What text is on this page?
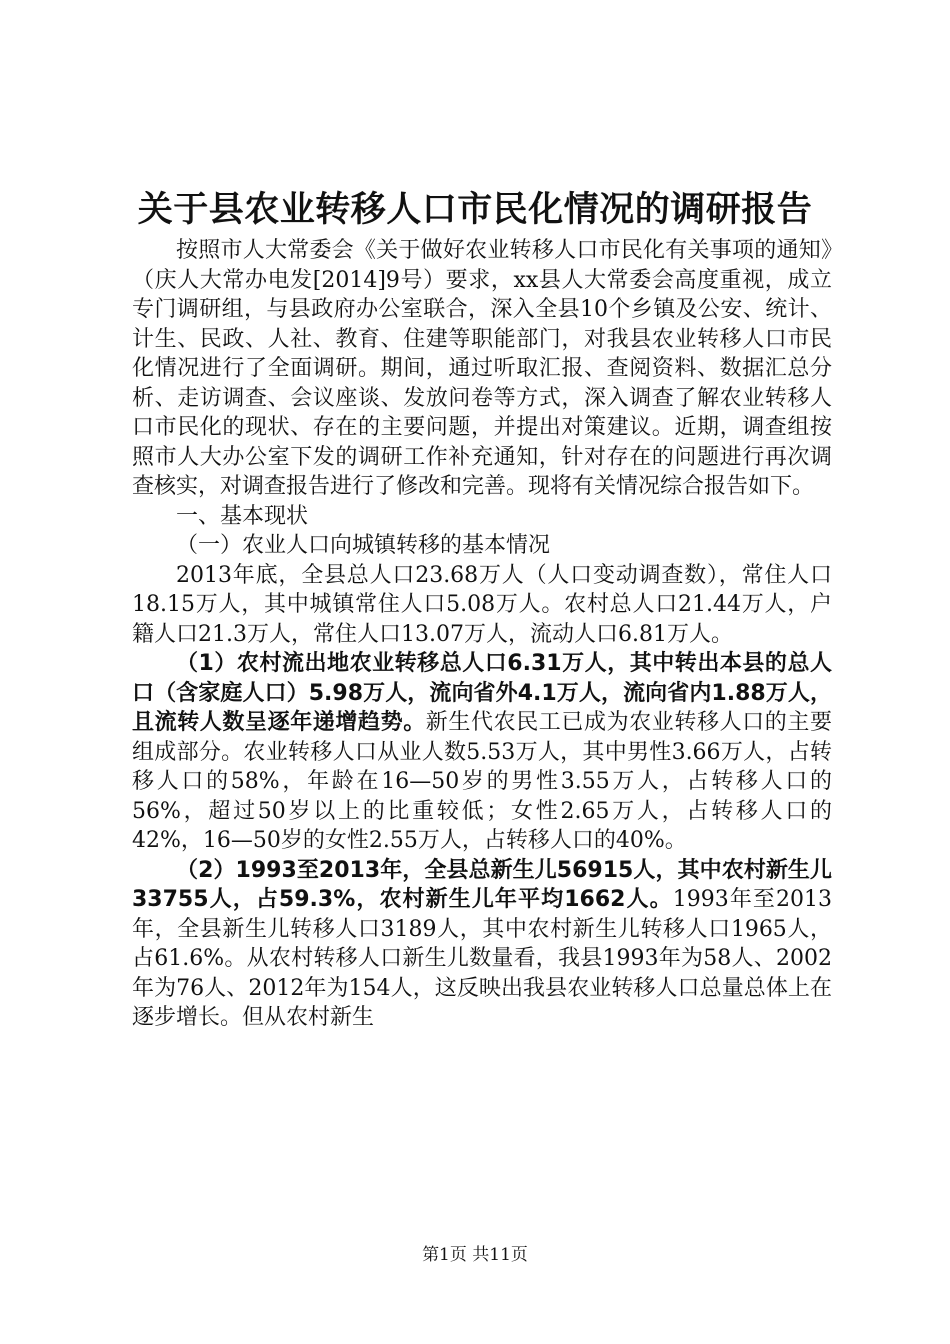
关于县农业转移人口市民化情况的调研报告

按照市人大常委会《关于做好农业转移人口市民化有关事项的通知》（庆人大常办电发[2014]9号）要求，xx县人大常委会高度重视，成立专门调研组，与县政府办公室联合，深入全县10个乡镇及公安、统计、计生、民政、人社、教育、住建等职能部门，对我县农业转移人口市民化情况进行了全面调研。期间，通过听取汇报、查阅资料、数据汇总分析、走访调查、会议座谈、发放问卷等方式，深入调查了解农业转移人口市民化的现状、存在的主要问题，并提出对策建议。近期，调查组按照市人大办公室下发的调研工作补充通知，针对存在的问题进行再次调查核实，对调查报告进行了修改和完善。现将有关情况综合报告如下。

一、基本现状

（一）农业人口向城镇转移的基本情况

2013年底，全县总人口23.68万人（人口变动调查数），常住人口18.15万人，其中城镇常住人口5.08万人。农村总人口21.44万人，户籍人口21.3万人，常住人口13.07万人，流动人口6.81万人。

（1）农村流出地农业转移总人口6.31万人，其中转出本县的总人口（含家庭人口）5.98万人，流向省外4.1万人，流向省内1.88万人，且流转人数呈逐年递增趋势。新生代农民工已成为农业转移人口的主要组成部分。农业转移人口从业人数5.53万人，其中男性3.66万人，占转移人口的58%，年龄在16—50岁的男性3.55万人，占转移人口的56%，超过50岁以上的比重较低；女性2.65万人，占转移人口的42%，16—50岁的女性2.55万人，占转移人口的40%。

（2）1993至2013年，全县总新生儿56915人，其中农村新生儿33755人，占59.3%，农村新生儿年平均1662人。1993年至2013年，全县新生儿转移人口3189人，其中农村新生儿转移人口1965人，占61.6%。从农村转移人口新生儿数量看，我县1993年为58人、2002年为76人、2012年为154人，这反映出我县农业转移人口总量总体上在逐步增长。但从农村新生

第1页 共11页
